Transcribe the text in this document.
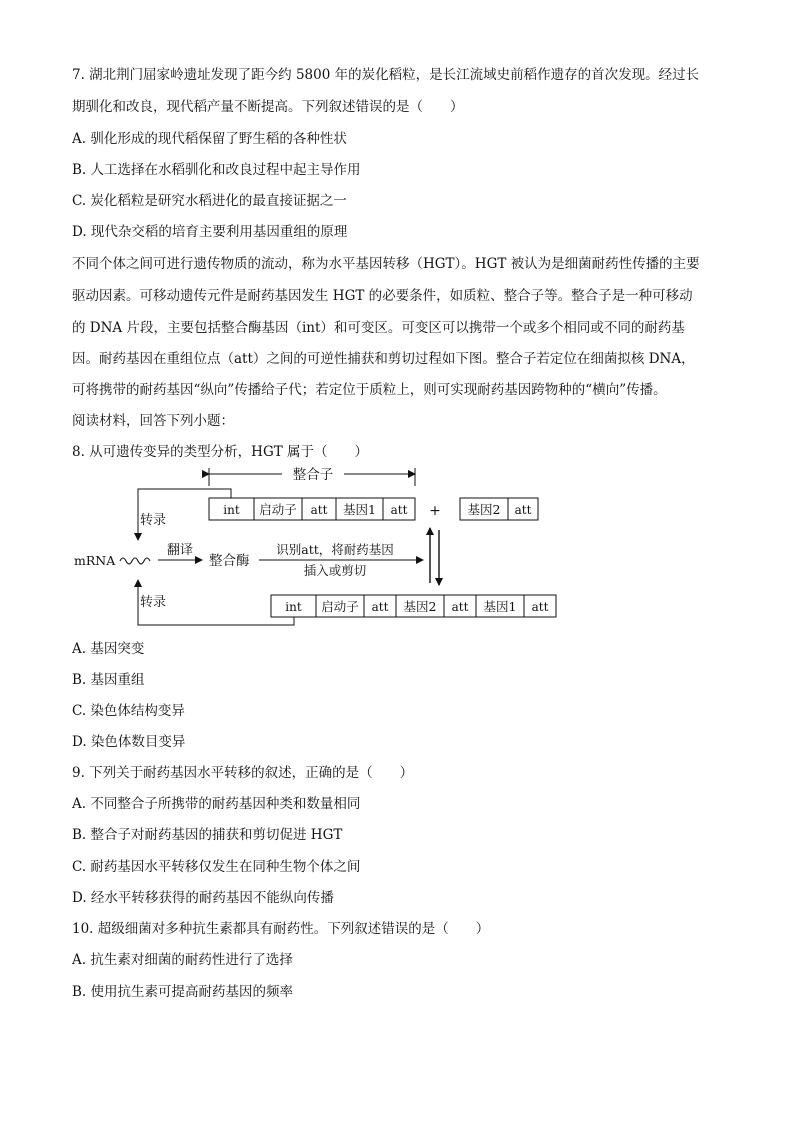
7. 湖北荆门屈家岭遗址发现了距今约 5800 年的炭化稻粒，是长江流域史前稻作遗存的首次发现。经过长
期驯化和改良，现代稻产量不断提高。下列叙述错误的是（　　）
A. 驯化形成的现代稻保留了野生稻的各种性状
B. 人工选择在水稻驯化和改良过程中起主导作用
C. 炭化稻粒是研究水稻进化的最直接证据之一
D. 现代杂交稻的培育主要利用基因重组的原理
不同个体之间可进行遗传物质的流动，称为水平基因转移（HGT）。HGT 被认为是细菌耐药性传播的主要
驱动因素。可移动遗传元件是耐药基因发生 HGT 的必要条件，如质粒、整合子等。整合子是一种可移动
的 DNA 片段，主要包括整合酶基因（int）和可变区。可变区可以携带一个或多个相同或不同的耐药基
因。耐药基因在重组位点（att）之间的可逆性捕获和剪切过程如下图。整合子若定位在细菌拟核 DNA，
可将携带的耐药基因“纵向”传播给子代；若定位于质粒上，则可实现耐药基因跨物种的“横向”传播。
阅读材料，回答下列小题：
8. 从可遗传变异的类型分析，HGT 属于（　　）
整合子
int 启动子 att 基因1 att + 基因2 att
转录
mRNA
翻译
整合酶
识别att，将耐药基因
插入或剪切
转录	int 启动子 att 基因2 att 基因1 att
A. 基因突变
B. 基因重组
C. 染色体结构变异
D. 染色体数目变异
9. 下列关于耐药基因水平转移的叙述，正确的是（　　）
A. 不同整合子所携带的耐药基因种类和数量相同
B. 整合子对耐药基因的捕获和剪切促进 HGT
C. 耐药基因水平转移仅发生在同种生物个体之间
D. 经水平转移获得的耐药基因不能纵向传播
10. 超级细菌对多种抗生素都具有耐药性。下列叙述错误的是（　　）
A. 抗生素对细菌的耐药性进行了选择
B. 使用抗生素可提高耐药基因的频率
